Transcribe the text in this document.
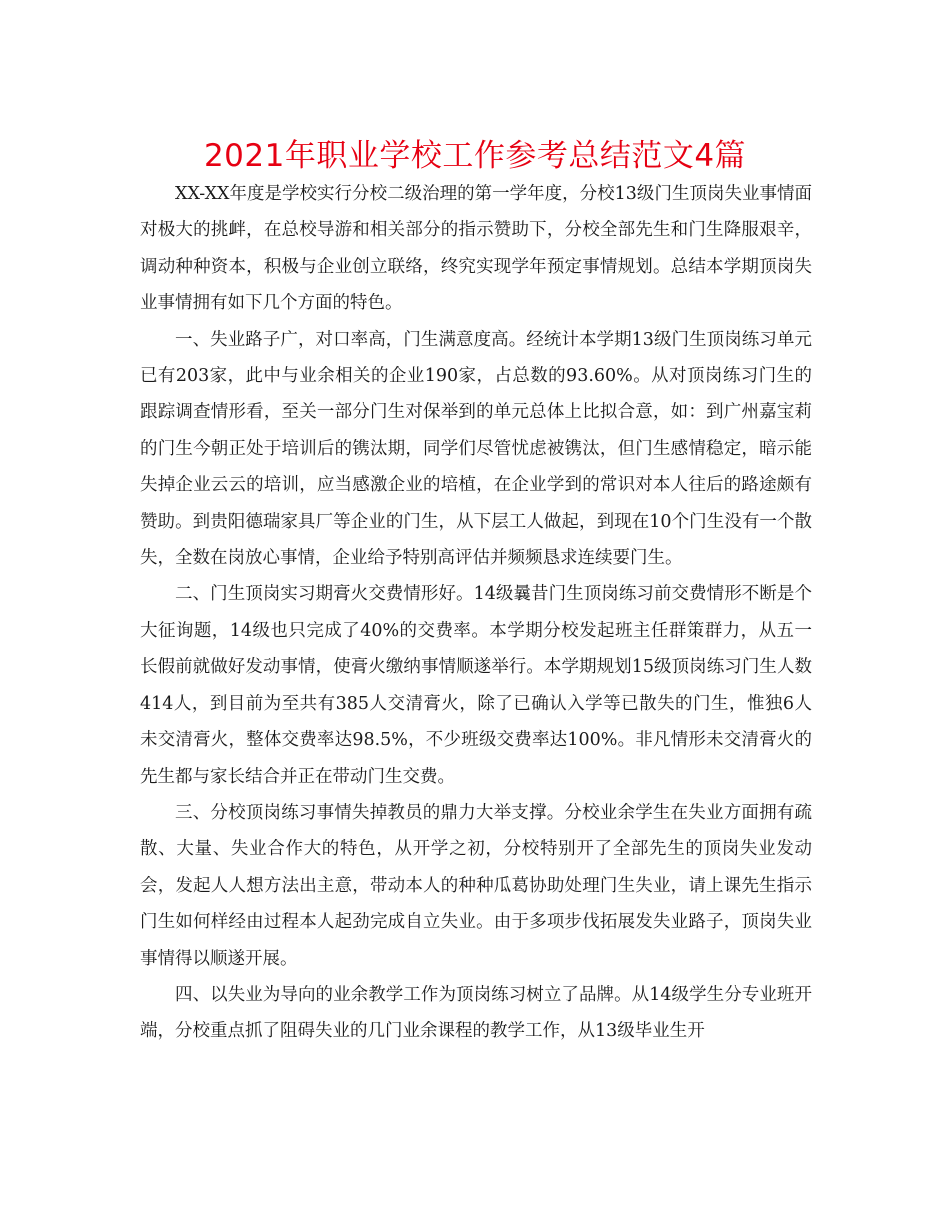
2021年职业学校工作参考总结范文4篇

XX-XX年度是学校实行分校二级治理的第一学年度，分校13级门生顶岗失业事情面对极大的挑衅，在总校导游和相关部分的指示赞助下，分校全部先生和门生降服艰辛，调动种种资本，积极与企业创立联络，终究实现学年预定事情规划。总结本学期顶岗失业事情拥有如下几个方面的特色。

一、失业路子广，对口率高，门生满意度高。经统计本学期13级门生顶岗练习单元已有203家，此中与业余相关的企业190家，占总数的93.60%。从对顶岗练习门生的跟踪调查情形看，至关一部分门生对保举到的单元总体上比拟合意，如：到广州嘉宝莉的门生今朝正处于培训后的镌汰期，同学们尽管忧虑被镌汰，但门生感情稳定，暗示能失掉企业云云的培训，应当感激企业的培植，在企业学到的常识对本人往后的路途颇有赞助。到贵阳德瑞家具厂等企业的门生，从下层工人做起，到现在10个门生没有一个散失，全数在岗放心事情，企业给予特别高评估并频频恳求连续要门生。

二、门生顶岗实习期膏火交费情形好。14级曩昔门生顶岗练习前交费情形不断是个大征询题，14级也只完成了40%的交费率。本学期分校发起班主任群策群力，从五一长假前就做好发动事情，使膏火缴纳事情顺遂举行。本学期规划15级顶岗练习门生人数414人，到目前为至共有385人交清膏火，除了已确认入学等已散失的门生，惟独6人未交清膏火，整体交费率达98.5%，不少班级交费率达100%。非凡情形未交清膏火的先生都与家长结合并正在带动门生交费。

三、分校顶岗练习事情失掉教员的鼎力大举支撑。分校业余学生在失业方面拥有疏散、大量、失业合作大的特色，从开学之初，分校特别开了全部先生的顶岗失业发动会，发起人人想方法出主意，带动本人的种种瓜葛协助处理门生失业，请上课先生指示门生如何样经由过程本人起劲完成自立失业。由于多项步伐拓展发失业路子，顶岗失业事情得以顺遂开展。

四、以失业为导向的业余教学工作为顶岗练习树立了品牌。从14级学生分专业班开端，分校重点抓了阻碍失业的几门业余课程的教学工作，从13级毕业生开
